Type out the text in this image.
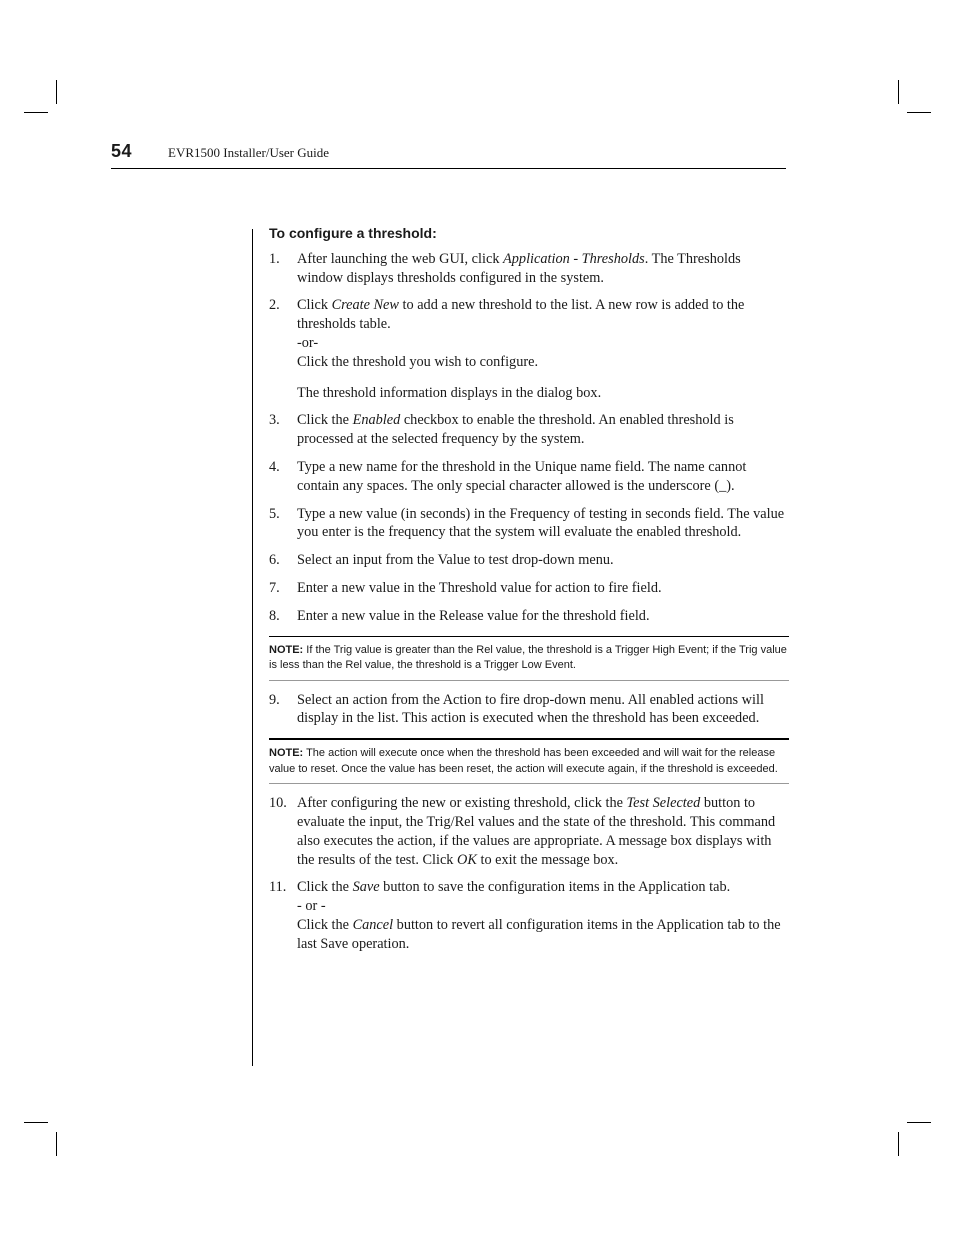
54	EVR1500 Installer/User Guide
To configure a threshold:
1. After launching the web GUI, click Application - Thresholds. The Thresholds window displays thresholds configured in the system.

2. Click Create New to add a new threshold to the list. A new row is added to the thresholds table.

-or-

Click the threshold you wish to configure.

The threshold information displays in the dialog box.

3. Click the Enabled checkbox to enable the threshold. An enabled threshold is processed at the selected frequency by the system.

4. Type a new name for the threshold in the Unique name field. The name cannot contain any spaces. The only special character allowed is the underscore (_).

5. Type a new value (in seconds) in the Frequency of testing in seconds field. The value you enter is the frequency that the system will evaluate the enabled threshold.

6. Select an input from the Value to test drop-down menu.

7. Enter a new value in the Threshold value for action to fire field.

8. Enter a new value in the Release value for the threshold field.

NOTE: If the Trig value is greater than the Rel value, the threshold is a Trigger High Event; if the Trig value is less than the Rel value, the threshold is a Trigger Low Event.
9. Select an action from the Action to fire drop-down menu. All enabled actions will display in the list. This action is executed when the threshold has been exceeded.

NOTE: The action will execute once when the threshold has been exceeded and will wait for the release value to reset. Once the value has been reset, the action will execute again, if the threshold is exceeded.
10. After configuring the new or existing threshold, click the Test Selected button to evaluate the input, the Trig/Rel values and the state of the threshold. This command also executes the action, if the values are appropriate. A message box displays with the results of the test. Click OK to exit the message box.

11. Click the Save button to save the configuration items in the Application tab.

- or -

Click the Cancel button to revert all configuration items in the Application tab to the last Save operation.
